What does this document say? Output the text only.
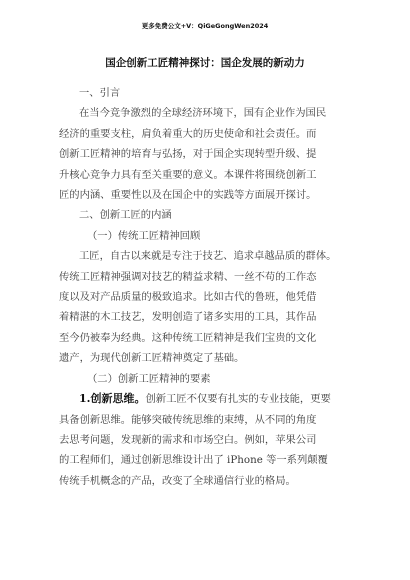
更多免费公文+V：QiGeGongWen2024
国企创新工匠精神探讨：国企发展的新动力

一、引言

在当今竞争激烈的全球经济环境下，国有企业作为国民

经济的重要支柱，肩负着重大的历史使命和社会责任。而

创新工匠精神的培育与弘扬，对于国企实现转型升级、提

升核心竞争力具有至关重要的意义。本课件将围绕创新工

匠的内涵、重要性以及在国企中的实践等方面展开探讨。

二、创新工匠的内涵

（一）传统工匠精神回顾

工匠，自古以来就是专注于技艺、追求卓越品质的群体。

传统工匠精神强调对技艺的精益求精、一丝不苟的工作态

度以及对产品质量的极致追求。比如古代的鲁班，他凭借

着精湛的木工技艺，发明创造了诸多实用的工具，其作品

至今仍被奉为经典。这种传统工匠精神是我们宝贵的文化

遗产，为现代创新工匠精神奠定了基础。

（二）创新工匠精神的要素

1.创新思维。创新工匠不仅要有扎实的专业技能，更要

具备创新思维。能够突破传统思维的束缚，从不同的角度

去思考问题，发现新的需求和市场空白。例如，苹果公司

的工程师们，通过创新思维设计出了 iPhone 等一系列颠覆

传统手机概念的产品，改变了全球通信行业的格局。
